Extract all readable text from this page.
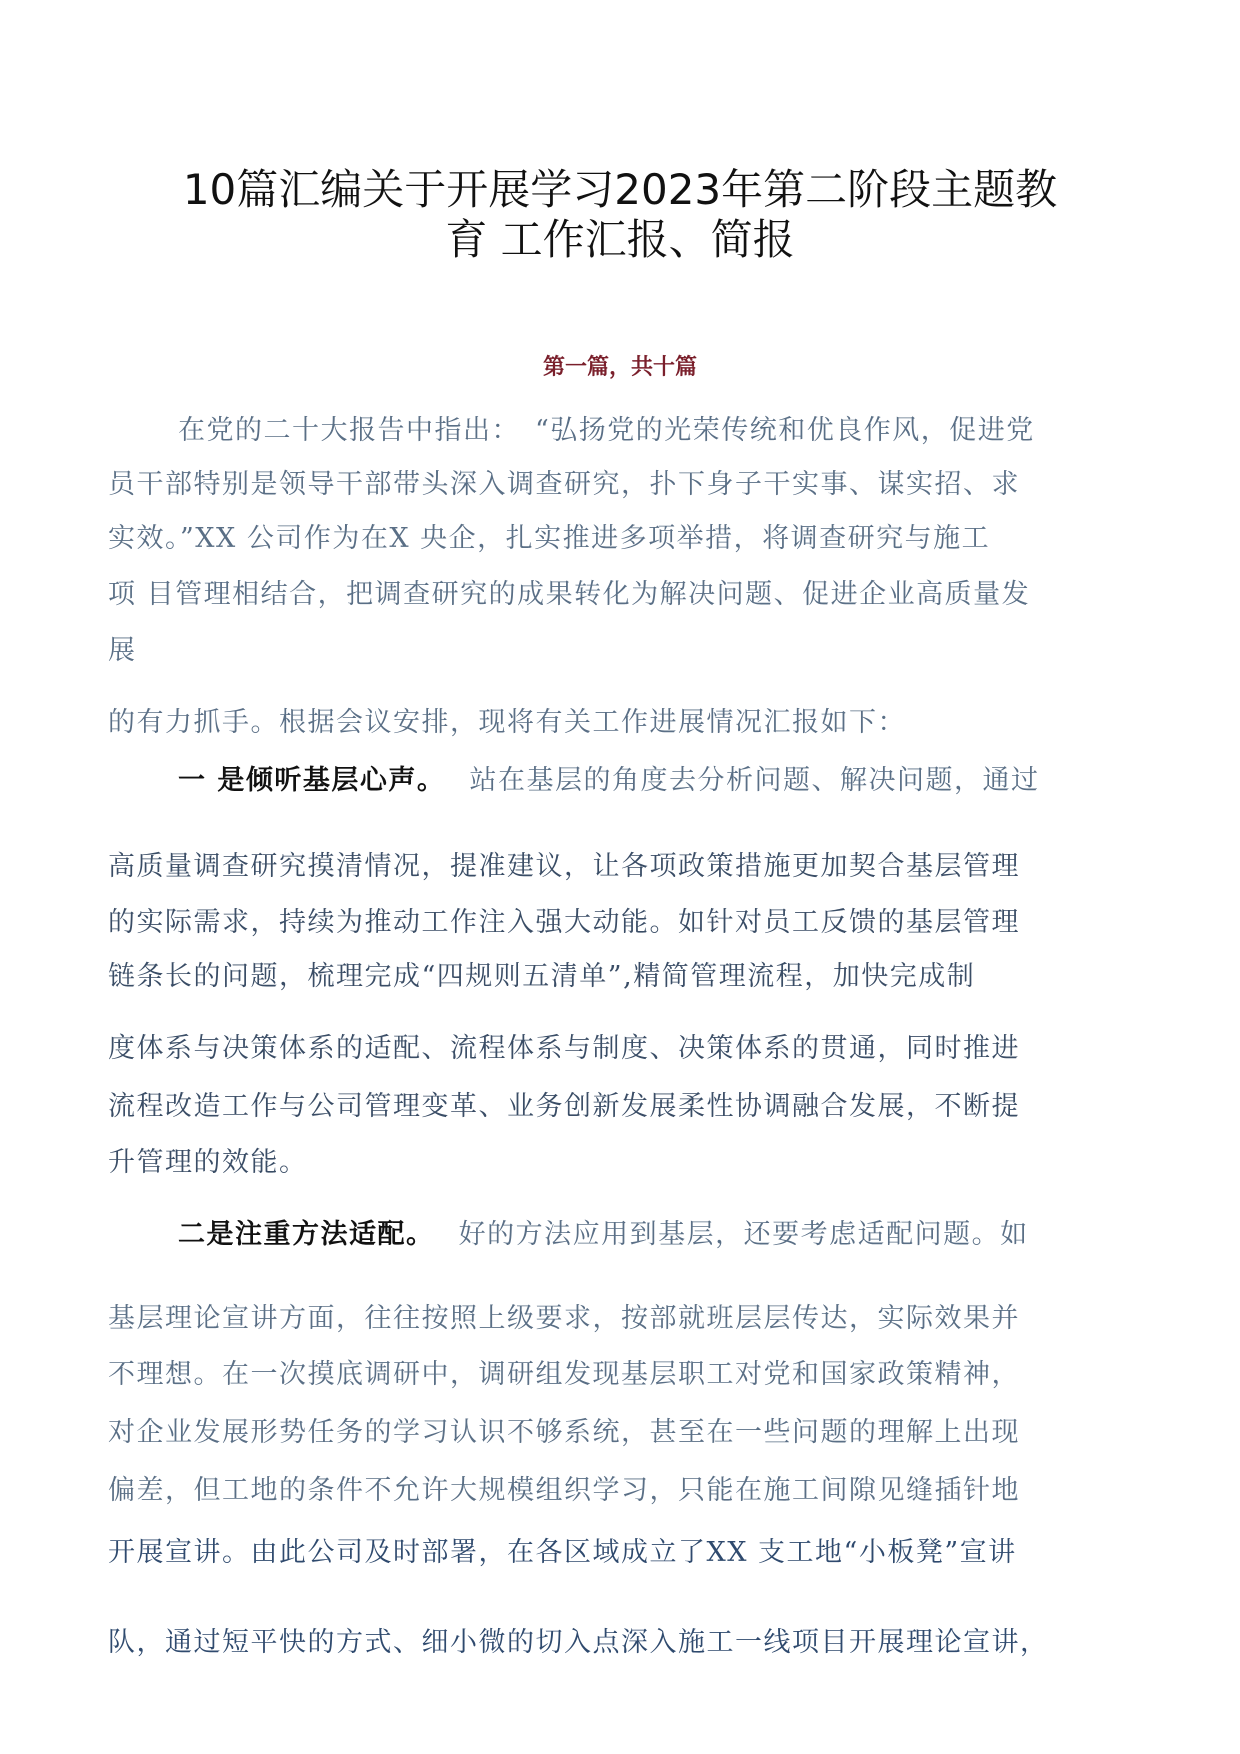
10篇汇编关于开展学习2023年第二阶段主题教
育 工作汇报、简报
第一篇，共十篇
在党的二十大报告中指出：　“弘扬党的光荣传统和优良作风，促进党
员干部特别是领导干部带头深入调查研究，扑下身子干实事、谋实招、求
实效。”XX 公司作为在X 央企，扎实推进多项举措，将调查研究与施工
项 目管理相结合，把调查研究的成果转化为解决问题、促进企业高质量发
展
的有力抓手。根据会议安排，现将有关工作进展情况汇报如下：
一 是倾听基层心声。 站在基层的角度去分析问题、解决问题，通过
高质量调查研究摸清情况，提准建议，让各项政策措施更加契合基层管理
的实际需求，持续为推动工作注入强大动能。如针对员工反馈的基层管理
链条长的问题，梳理完成“四规则五清单”,精简管理流程，加快完成制
度体系与决策体系的适配、流程体系与制度、决策体系的贯通，同时推进
流程改造工作与公司管理变革、业务创新发展柔性协调融合发展，不断提
升管理的效能。
二是注重方法适配。 好的方法应用到基层，还要考虑适配问题。如
基层理论宣讲方面，往往按照上级要求，按部就班层层传达，实际效果并
不理想。在一次摸底调研中，调研组发现基层职工对党和国家政策精神，
对企业发展形势任务的学习认识不够系统，甚至在一些问题的理解上出现
偏差，但工地的条件不允许大规模组织学习，只能在施工间隙见缝插针地
开展宣讲。由此公司及时部署，在各区域成立了XX 支工地“小板凳”宣讲
队，通过短平快的方式、细小微的切入点深入施工一线项目开展理论宣讲，
